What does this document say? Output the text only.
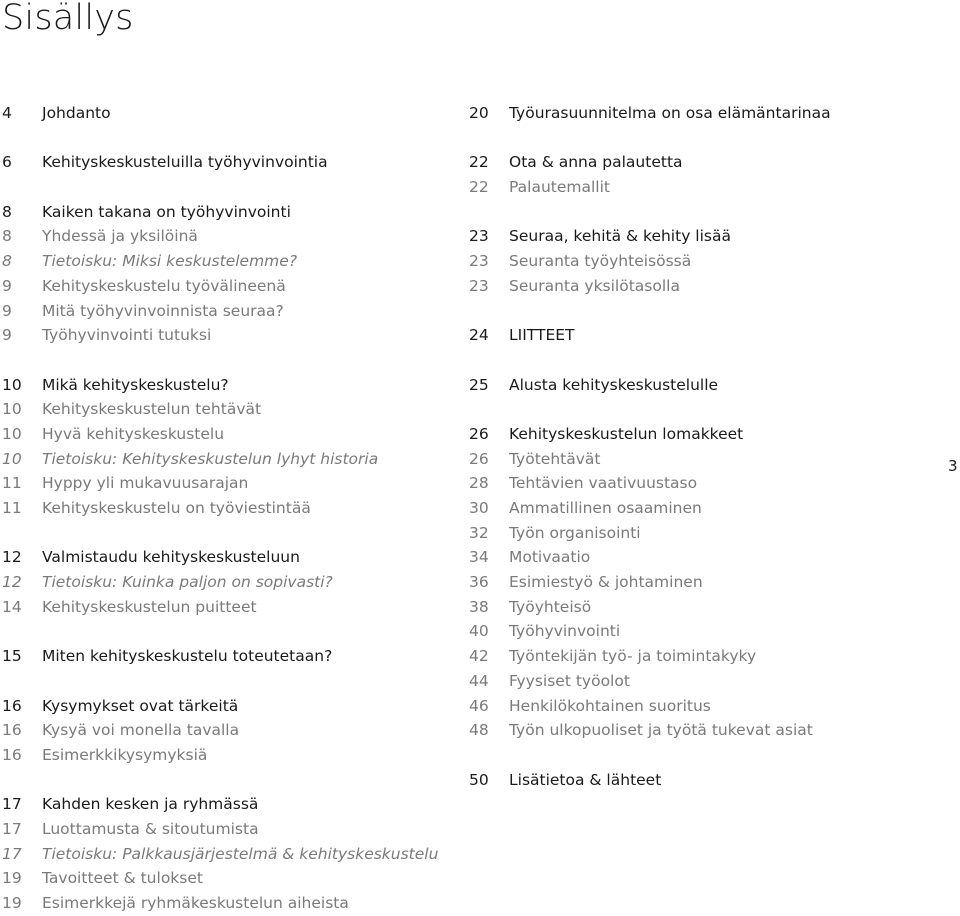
Sisällys
4	Johdanto
6	Kehityskeskusteluilla työhyvinvointia
8	Kaiken takana on työhyvinvointi
8	Yhdessä ja yksilöinä
8	Tietoisku: Miksi keskustelemme?
9	Kehityskeskustelu työvälineenä
9	Mitä työhyvinvoinnista seuraa?
9	Työhyvinvointi tutuksi
10	Mikä kehityskeskustelu?
10	Kehityskeskustelun tehtävät
10	Hyvä kehityskeskustelu
10	Tietoisku: Kehityskeskustelun lyhyt historia
11	Hyppy yli mukavuusarajan
11	Kehityskeskustelu on työviestintää
12	Valmistaudu kehityskeskusteluun
12	Tietoisku: Kuinka paljon on sopivasti?
14	Kehityskeskustelun puitteet
15	Miten kehityskeskustelu toteutetaan?
16	Kysymykset ovat tärkeitä
16	Kysyä voi monella tavalla
16	Esimerkkikysymyksiä
17	Kahden kesken ja ryhmässä
17	Luottamusta & sitoutumista
17	Tietoisku: Palkkausjärjestelmä & kehityskeskustelu
19	Tavoitteet & tulokset
19	Esimerkkejä ryhmäkeskustelun aiheista
20	Työurasuunnitelma on osa elämäntarinaa
22	Ota & anna palautetta
22	Palautemallit
23	Seuraa, kehitä & kehity lisää
23	Seuranta työyhteisössä
23	Seuranta yksilötasolla
24	LIITTEET
25	Alusta kehityskeskustelulle
26	Kehityskeskustelun lomakkeet
26	Työtehtävät
28	Tehtävien vaativuustaso
30	Ammatillinen osaaminen
32	Työn organisointi
34	Motivaatio
36	Esimiestyö & johtaminen
38	Työyhteisö
40	Työhyvinvointi
42	Työntekijän työ- ja toimintakyky
44	Fyysiset työolot
46	Henkilökohtainen suoritus
48	Työn ulkopuoliset ja työtä tukevat asiat
50	Lisätietoa & lähteet
3
